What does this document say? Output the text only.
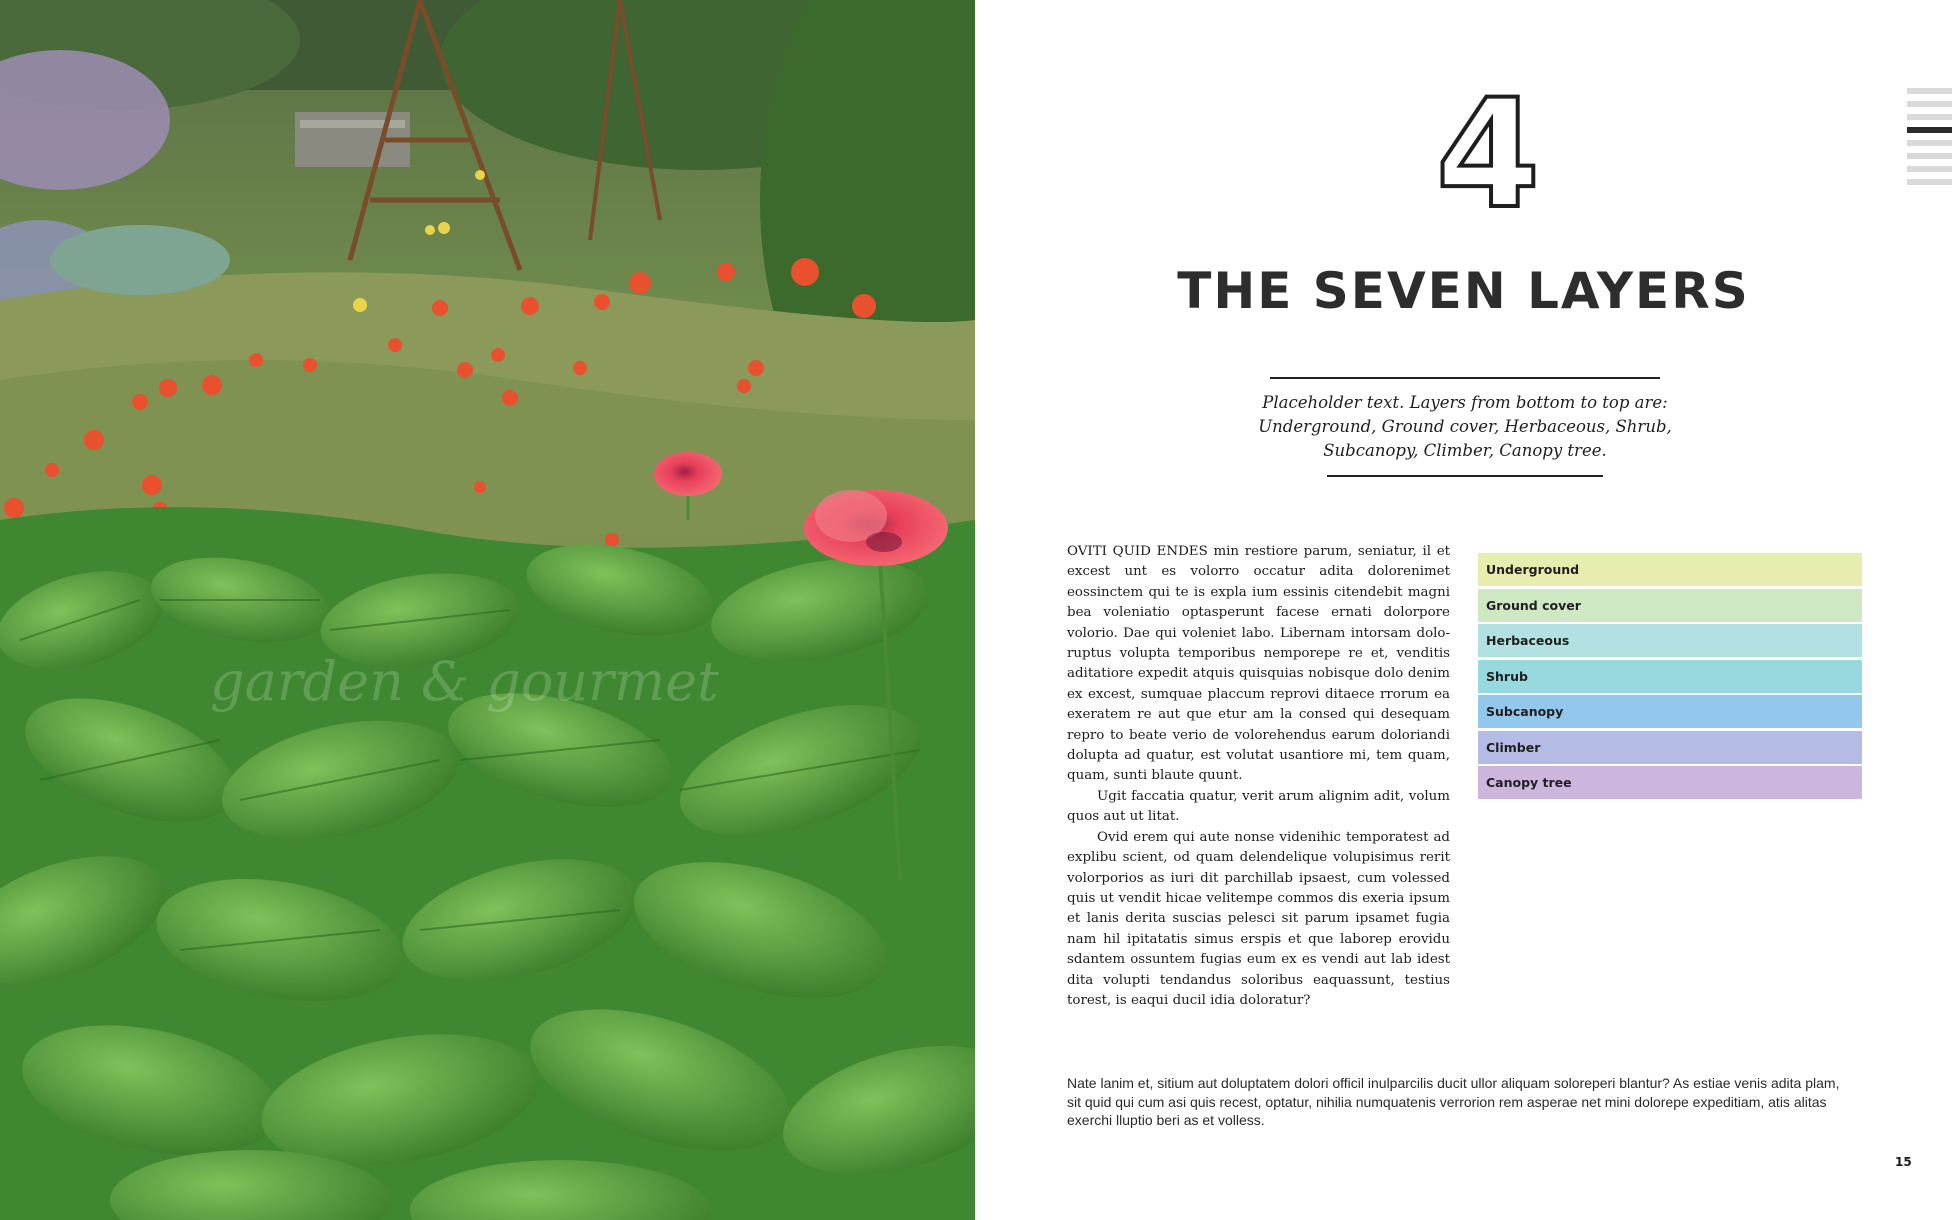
garden & gourmet
4
THE SEVEN LAYERS

Placeholder text. Layers from bottom to top are: Underground, Ground cover, Herbaceous, Shrub, Subcanopy, Climber, Canopy tree.

OVITI QUID ENDES min restiore parum, seniatur, il et excest unt es volorro occatur adita dolorenimet eossinctem qui te is expla ium essinis citendebit magni bea voleniatio optasperunt facese ernati dolorpore volorio. Dae qui voleniet labo. Libernam intorsam dolo-ruptus volupta temporibus nemporepe re et, venditis aditatiore expedit atquis quisquias nobisque dolo denim ex excest, sumquae placcum reprovi ditaece rrorum ea exeratem re aut que etur am la consed qui desequam repro to beate verio de volorehendus earum doloriandi dolupta ad quatur, est volutat usantiore mi, tem quam, quam, sunti blaute quunt.

Ugit faccatia quatur, verit arum alignim adit, volum quos aut ut litat.

Ovid erem qui aute nonse videnihic temporatest ad explibu scient, od quam delendelique volupisimus rerit volorporios as iuri dit parchillab ipsaest, cum volessed quis ut vendit hicae velitempe commos dis exeria ipsum et lanis derita suscias pelesci sit parum ipsamet fugia nam hil ipitatatis simus erspis et que laborep erovidu sdantem ossuntem fugias eum ex es vendi aut lab idest dita volupti tendandus soloribus eaquassunt, testius torest, is eaqui ducil idia doloratur?

Underground
Ground cover
Herbaceous
Shrub
Subcanopy
Climber
Canopy tree

Nate lanim et, sitium aut doluptatem dolori officil inulparcilis ducit ullor aliquam soloreperi blantur? As estiae venis adita plam, sit quid qui cum asi quis recest, optatur, nihilia numquatenis verrorion rem asperae net mini dolorepe expeditiam, atis alitas exerchi lluptio beri as et volless.

15
